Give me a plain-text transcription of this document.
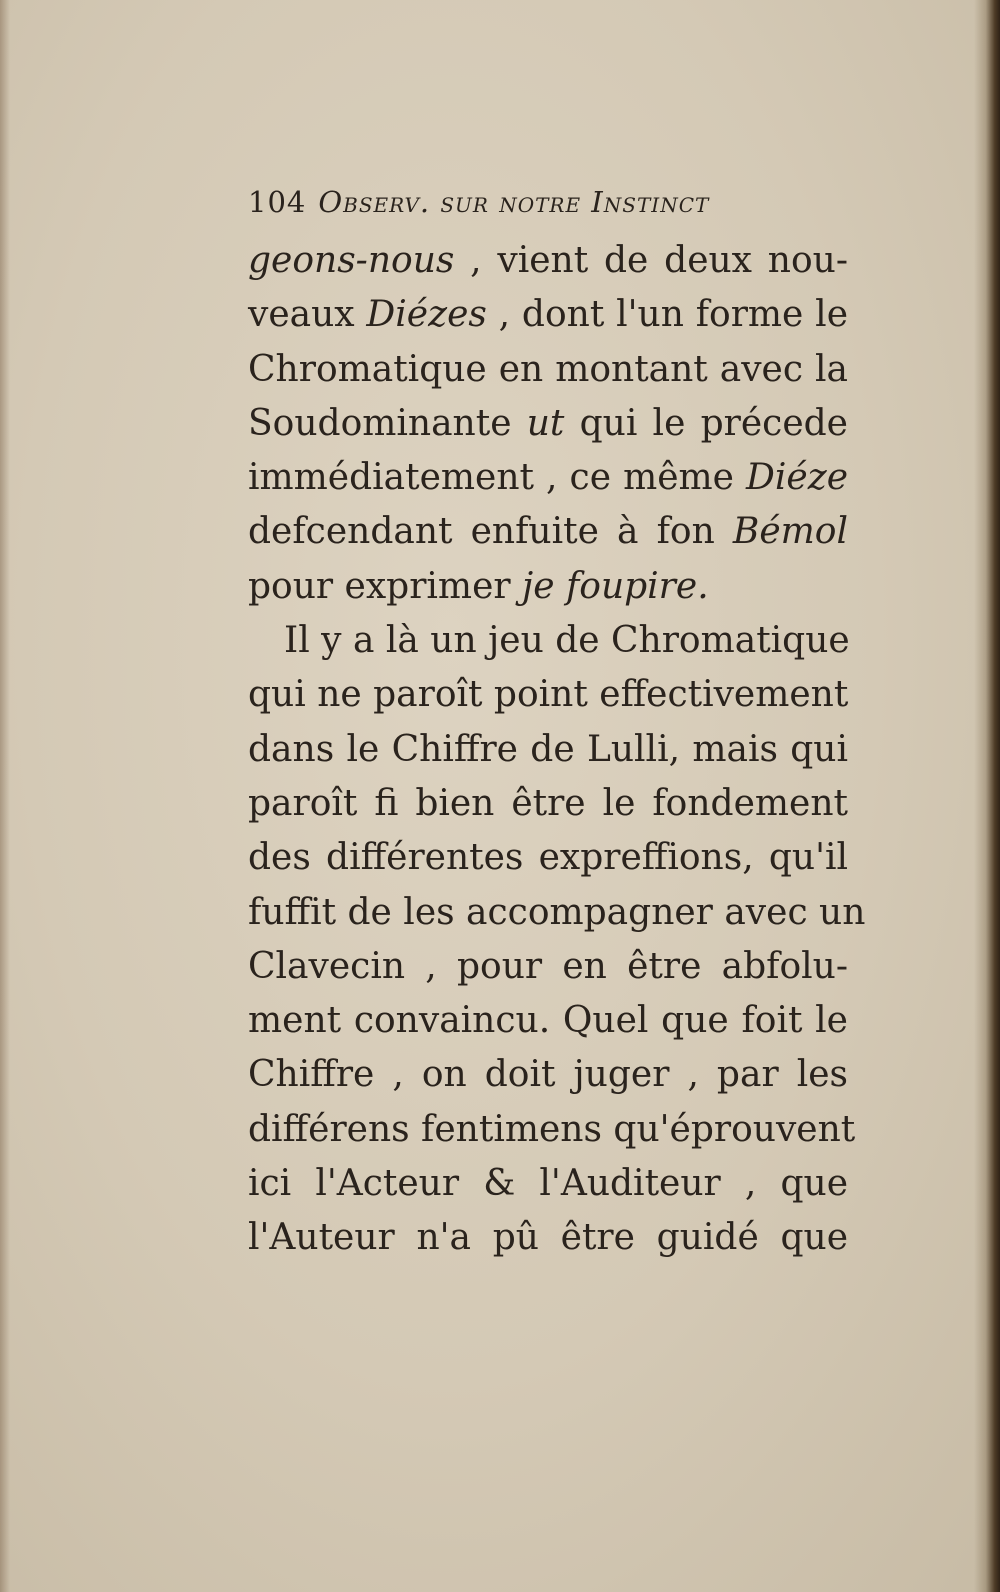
104 Observ. sur notre Instinct
geons-nous , vient de deux nou-
veaux Diézes , dont l'un forme le
Chromatique en montant avec la
Soudominante ut qui le précede
immédiatement , ce même Diéze
defcendant enfuite à fon Bémol
pour exprimer je foupire.
Il y a là un jeu de Chromatique
qui ne paroît point effectivement
dans le Chiffre de Lulli, mais qui
paroît fi bien être le fondement
des différentes expreffions, qu'il
fuffit de les accompagner avec un
Clavecin , pour en être abfolu-
ment convaincu. Quel que foit le
Chiffre , on doit juger , par les
différens fentimens qu'éprouvent
ici l'Acteur & l'Auditeur , que
l'Auteur n'a pû être guidé que
